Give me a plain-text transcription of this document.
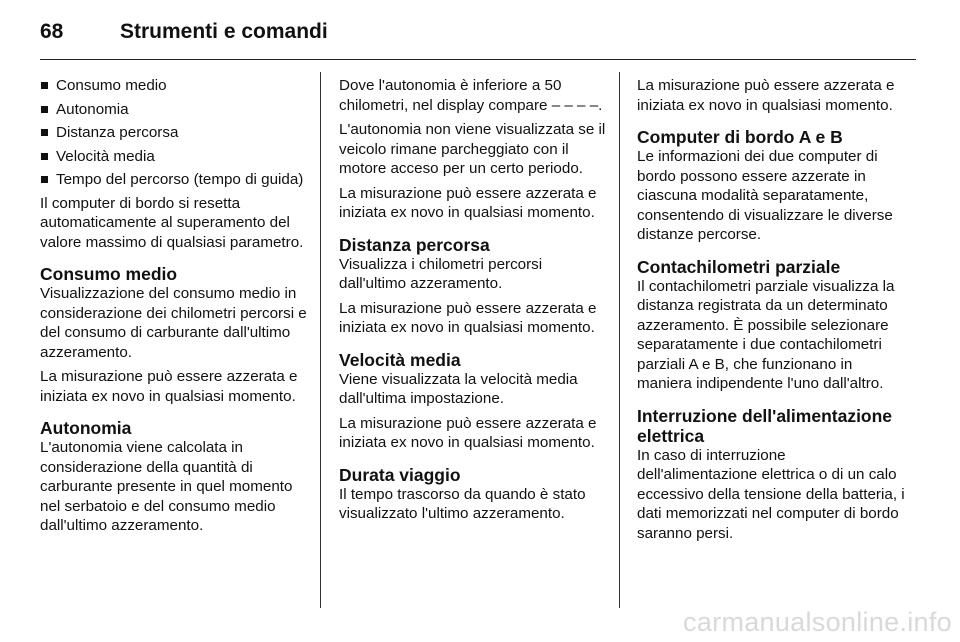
68	Strumenti e comandi
Consumo medio
Autonomia
Distanza percorsa
Velocità media
Tempo del percorso (tempo di guida)

Il computer di bordo si resetta automaticamente al superamento del valore massimo di qualsiasi parametro.

Consumo medio

Visualizzazione del consumo medio in considerazione dei chilometri percorsi e del consumo di carburante dall'ultimo azzeramento.

La misurazione può essere azzerata e iniziata ex novo in qualsiasi momento.

Autonomia

L'autonomia viene calcolata in considerazione della quantità di carburante presente in quel momento nel serbatoio e del consumo medio dall'ultimo azzeramento.

Dove l'autonomia è inferiore a 50 chilometri, nel display compare – – – –.

L'autonomia non viene visualizzata se il veicolo rimane parcheggiato con il motore acceso per un certo periodo.

La misurazione può essere azzerata e iniziata ex novo in qualsiasi momento.

Distanza percorsa

Visualizza i chilometri percorsi dall'ultimo azzeramento.

La misurazione può essere azzerata e iniziata ex novo in qualsiasi momento.

Velocità media

Viene visualizzata la velocità media dall'ultima impostazione.

La misurazione può essere azzerata e iniziata ex novo in qualsiasi momento.

Durata viaggio

Il tempo trascorso da quando è stato visualizzato l'ultimo azzeramento.

La misurazione può essere azzerata e iniziata ex novo in qualsiasi momento.

Computer di bordo A e B

Le informazioni dei due computer di bordo possono essere azzerate in ciascuna modalità separatamente, consentendo di visualizzare le diverse distanze percorse.

Contachilometri parziale

Il contachilometri parziale visualizza la distanza registrata da un determinato azzeramento. È possibile selezionare separatamente i due contachilometri parziali A e B, che funzionano in maniera indipendente l'uno dall'altro.

Interruzione dell'alimentazione elettrica

In caso di interruzione dell'alimentazione elettrica o di un calo eccessivo della tensione della batteria, i dati memorizzati nel computer di bordo saranno persi.

carmanualsonline.info
